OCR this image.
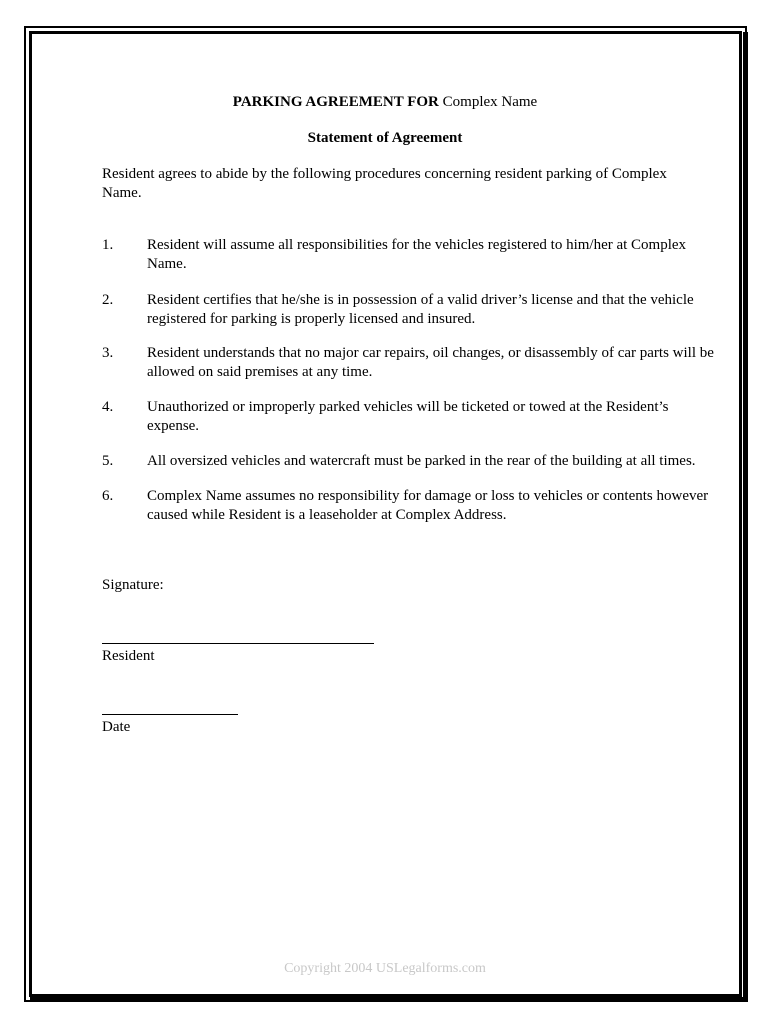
PARKING AGREEMENT FOR Complex Name
Statement of Agreement
Resident agrees to abide by the following procedures concerning resident parking of Complex Name.
1. Resident will assume all responsibilities for the vehicles registered to him/her at Complex Name.
2. Resident certifies that he/she is in possession of a valid driver’s license and that the vehicle registered for parking is properly licensed and insured.
3. Resident understands that no major car repairs, oil changes, or disassembly of car parts will be allowed on said premises at any time.
4. Unauthorized or improperly parked vehicles will be ticketed or towed at the Resident’s expense.
5. All oversized vehicles and watercraft must be parked in the rear of the building at all times.
6. Complex Name assumes no responsibility for damage or loss to vehicles or contents however caused while Resident is a leaseholder at Complex Address.
Signature:
Resident
Date
Copyright 2004 USLegalforms.com
